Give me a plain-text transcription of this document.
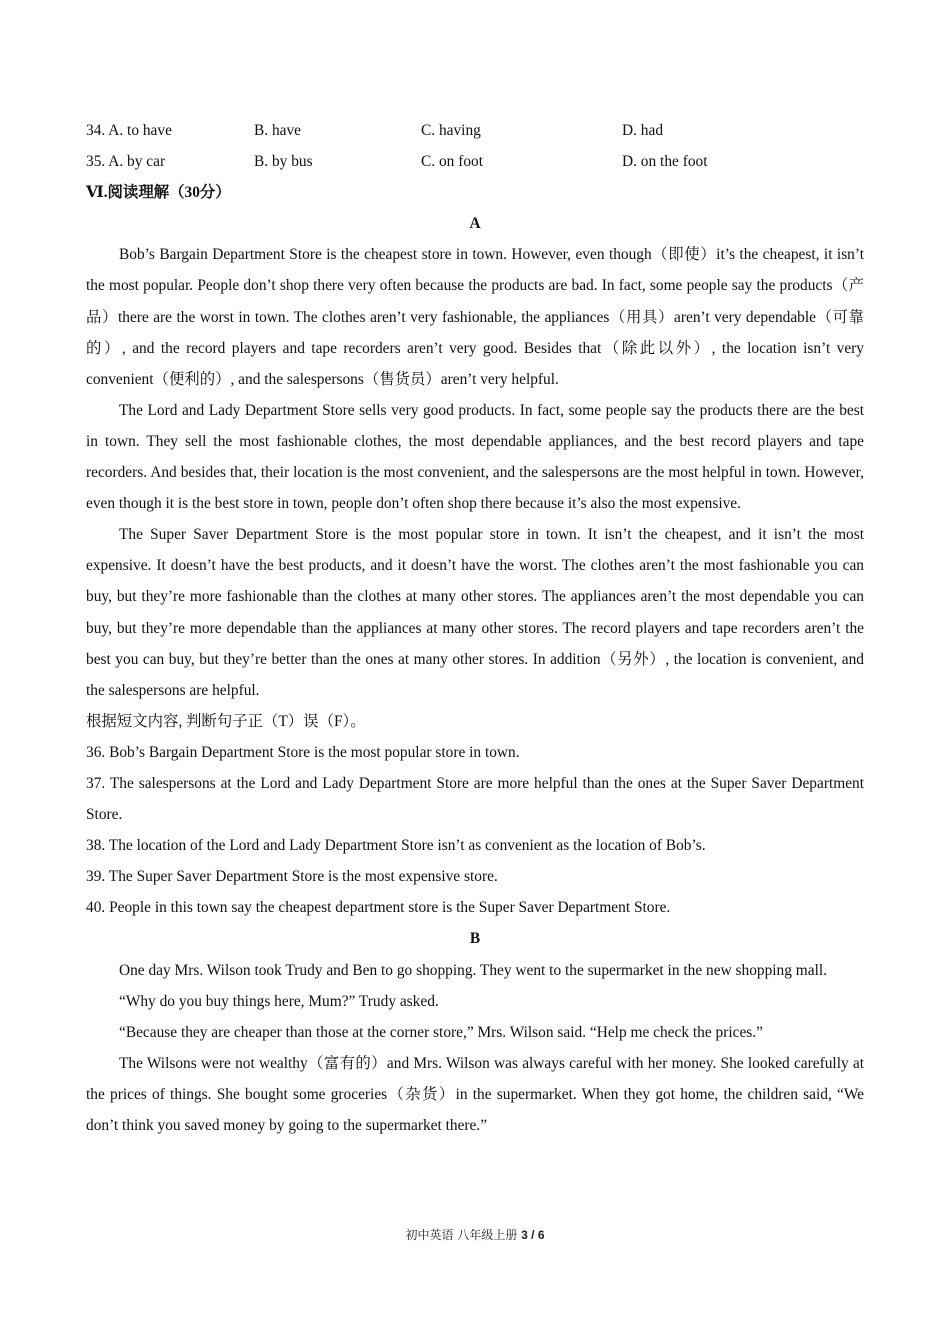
34. A. to have	B. have	C. having	D. had
35. A. by car	B. by bus	C. on foot	D. on the foot
Ⅵ.阅读理解（30分）
A

Bob’s Bargain Department Store is the cheapest store in town. However, even though（即使）it’s the cheapest, it isn’t the most popular. People don’t shop there very often because the products are bad. In fact, some people say the products（产品）there are the worst in town. The clothes aren’t very fashionable, the appliances（用具）aren’t very dependable（可靠的）, and the record players and tape recorders aren’t very good. Besides that（除此以外）, the location isn’t very convenient（便利的）, and the salespersons（售货员）aren’t very helpful.

The Lord and Lady Department Store sells very good products. In fact, some people say the products there are the best in town. They sell the most fashionable clothes, the most dependable appliances, and the best record players and tape recorders. And besides that, their location is the most convenient, and the salespersons are the most helpful in town. However, even though it is the best store in town, people don’t often shop there because it’s also the most expensive.

The Super Saver Department Store is the most popular store in town. It isn’t the cheapest, and it isn’t the most expensive. It doesn’t have the best products, and it doesn’t have the worst. The clothes aren’t the most fashionable you can buy, but they’re more fashionable than the clothes at many other stores. The appliances aren’t the most dependable you can buy, but they’re more dependable than the appliances at many other stores. The record players and tape recorders aren’t the best you can buy, but they’re better than the ones at many other stores. In addition（另外）, the location is convenient, and the salespersons are helpful.

根据短文内容, 判断句子正（T）误（F）。

36. Bob’s Bargain Department Store is the most popular store in town.

37. The salespersons at the Lord and Lady Department Store are more helpful than the ones at the Super Saver Department Store.

38. The location of the Lord and Lady Department Store isn’t as convenient as the location of Bob’s.

39. The Super Saver Department Store is the most expensive store.

40. People in this town say the cheapest department store is the Super Saver Department Store.

B

One day Mrs. Wilson took Trudy and Ben to go shopping. They went to the supermarket in the new shopping mall.

“Why do you buy things here, Mum?” Trudy asked.

“Because they are cheaper than those at the corner store,” Mrs. Wilson said. “Help me check the prices.”

The Wilsons were not wealthy（富有的）and Mrs. Wilson was always careful with her money. She looked carefully at the prices of things. She bought some groceries（杂货）in the supermarket. When they got home, the children said, “We don’t think you saved money by going to the supermarket there.”

初中英语 八年级上册 3 / 6
